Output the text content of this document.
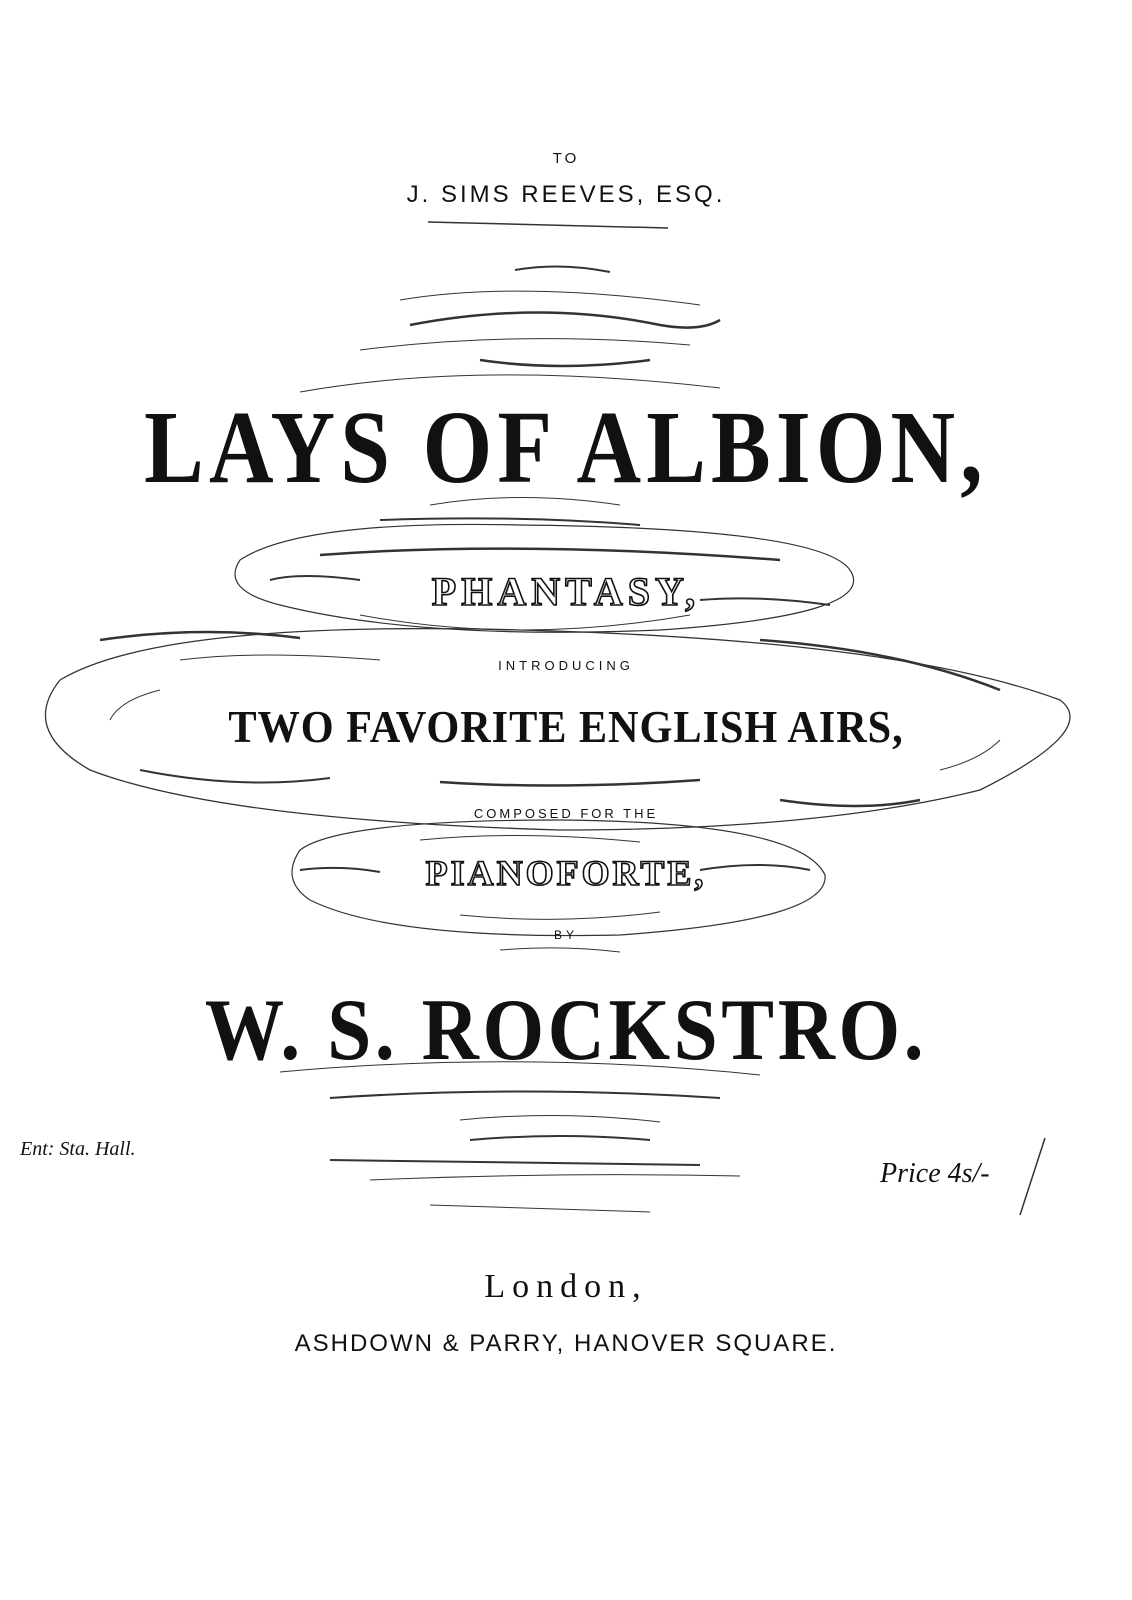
TO
J. SIMS REEVES, ESQ.
LAYS OF ALBION,
PHANTASY,
INTRODUCING
TWO FAVORITE ENGLISH AIRS,
COMPOSED FOR THE
PIANOFORTE,
BY
W. S. ROCKSTRO.
Ent: Sta. Hall.
Price 4s/-
London,
ASHDOWN & PARRY, HANOVER SQUARE.
